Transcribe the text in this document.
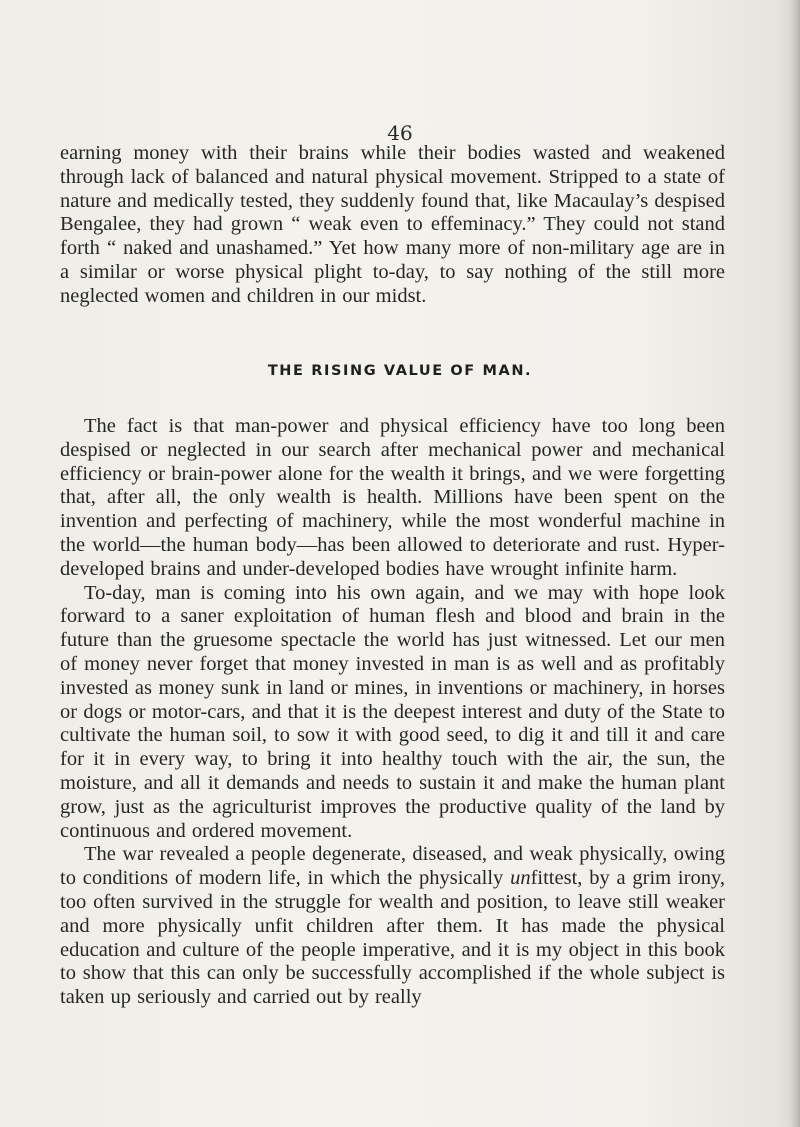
46

earning money with their brains while their bodies wasted and weakened through lack of balanced and natural physical movement. Stripped to a state of nature and medically tested, they suddenly found that, like Macaulay’s despised Bengalee, they had grown “ weak even to effeminacy.” They could not stand forth “ naked and unashamed.” Yet how many more of non-military age are in a similar or worse physical plight to-day, to say nothing of the still more neglected women and children in our midst.

THE RISING VALUE OF MAN.

The fact is that man-power and physical efficiency have too long been despised or neglected in our search after mechanical power and mechanical efficiency or brain-power alone for the wealth it brings, and we were forgetting that, after all, the only wealth is health. Millions have been spent on the invention and perfecting of machinery, while the most wonderful machine in the world—the human body—has been allowed to deteriorate and rust. Hyper-developed brains and under-developed bodies have wrought infinite harm.

To-day, man is coming into his own again, and we may with hope look forward to a saner exploitation of human flesh and blood and brain in the future than the gruesome spectacle the world has just witnessed. Let our men of money never forget that money invested in man is as well and as profitably invested as money sunk in land or mines, in inventions or machinery, in horses or dogs or motor-cars, and that it is the deepest interest and duty of the State to cultivate the human soil, to sow it with good seed, to dig it and till it and care for it in every way, to bring it into healthy touch with the air, the sun, the moisture, and all it demands and needs to sustain it and make the human plant grow, just as the agriculturist improves the productive quality of the land by continuous and ordered movement.

The war revealed a people degenerate, diseased, and weak physically, owing to conditions of modern life, in which the physically unfittest, by a grim irony, too often survived in the struggle for wealth and position, to leave still weaker and more physically unfit children after them. It has made the physical education and culture of the people imperative, and it is my object in this book to show that this can only be successfully accomplished if the whole subject is taken up seriously and carried out by really
